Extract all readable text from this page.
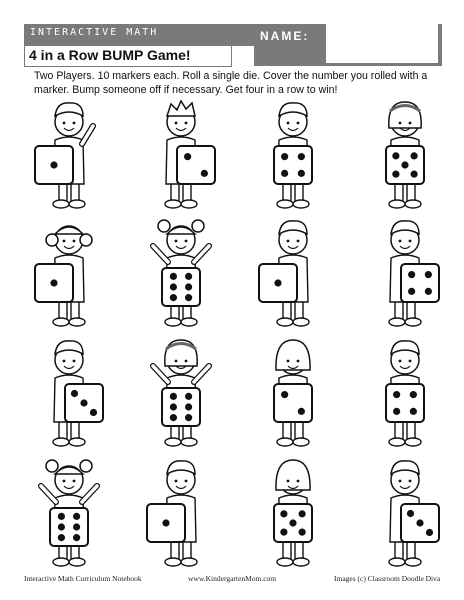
INTERACTIVE MATH	NAME:
4 in a Row BUMP Game!
Two Players. 10 markers each. Roll a single die. Cover the number you rolled with a marker. Bump someone off if necessary. Get four in a row to win!
Interactive Math Curriculum Notebook	www.KindergartenMom.com	Images (c) Classroom Doodle Diva
